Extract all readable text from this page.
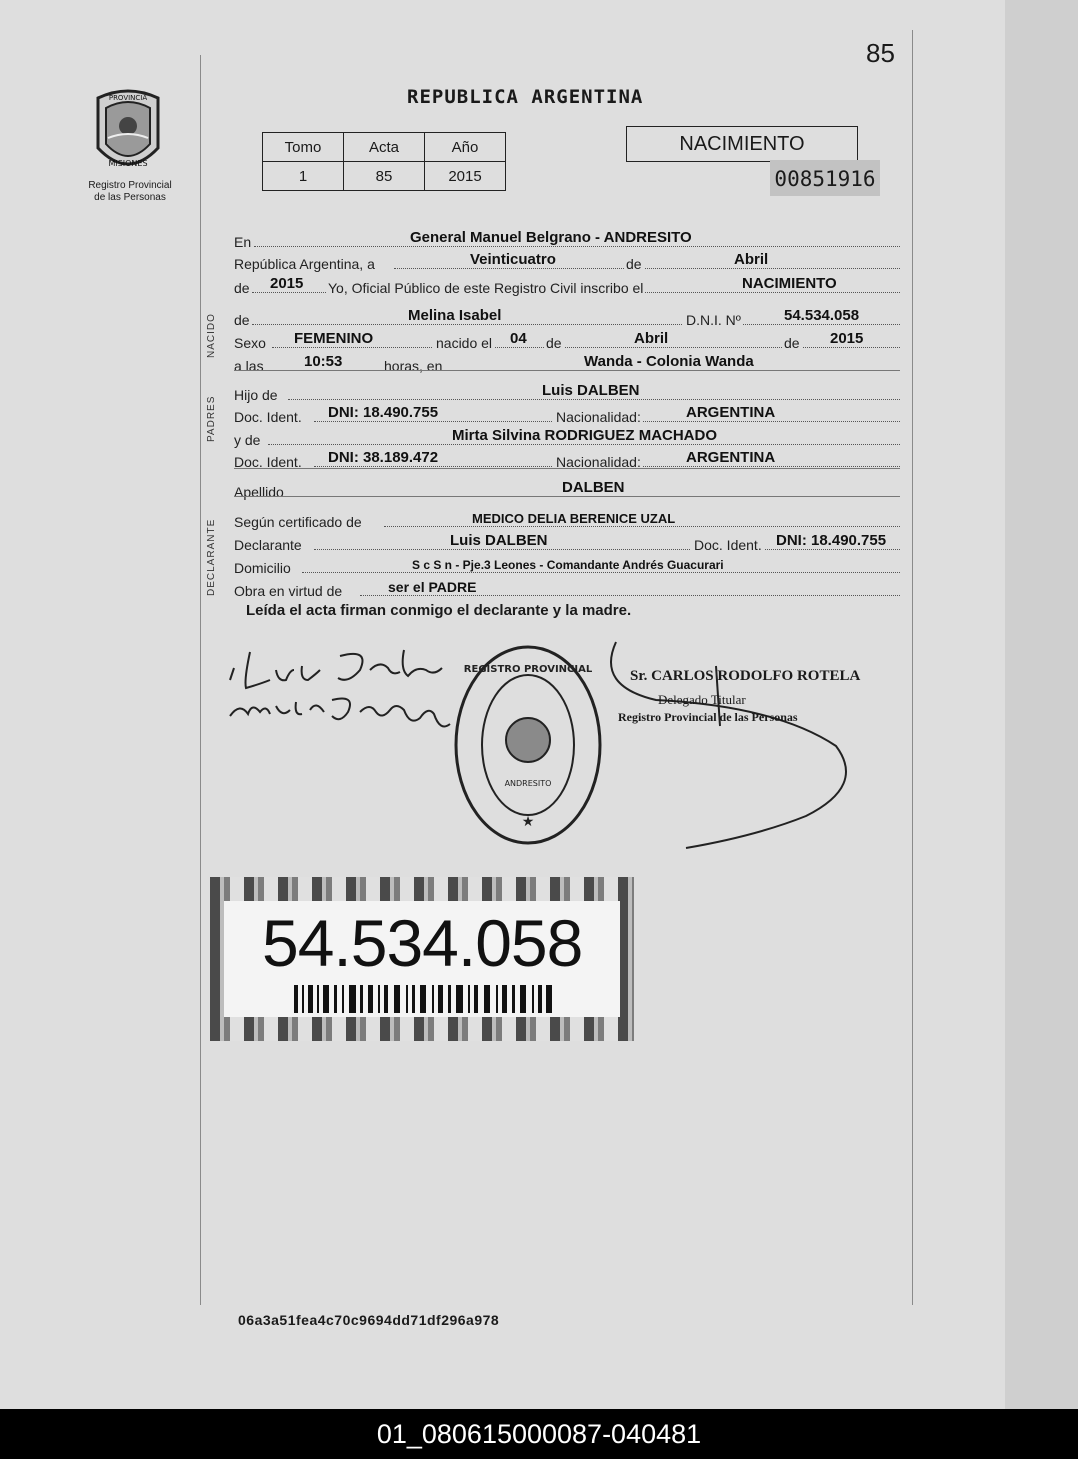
85
PROVINCIA
MISIONES
Registro Provincial
de las Personas
REPUBLICA ARGENTINA
Tomo	Acta	Año
1	85	2015
NACIMIENTO
00851916
En	General Manuel Belgrano - ANDRESITO
República Argentina, a	Veinticuatro	de	Abril
de 2015 Yo, Oficial Público de este Registro Civil inscribo el	NACIMIENTO
NACIDO de	Melina Isabel	D.N.I. Nº	54.534.058
Sexo FEMENINO	nacido el 04 de	Abril	de 2015
a las	10:53	horas, en	Wanda - Colonia Wanda
PADRES
Hijo de	Luis DALBEN
Doc. Ident. DNI: 18.490.755	Nacionalidad:	ARGENTINA
y de	Mirta Silvina RODRIGUEZ MACHADO
Doc. Ident. DNI: 38.189.472	Nacionalidad:	ARGENTINA
Apellido	DALBEN
DECLARANTE Según certificado de	MEDICO DELIA BERENICE UZAL
Declarante	Luis DALBEN	Doc. Ident. DNI: 18.490.755
Domicilio	S c S n - Pje.3 Leones - Comandante Andrés Guacurari
Obra en virtud de	ser el PADRE
Leída el acta firman conmigo el declarante y la madre.
★
REGISTRO PROVINCIAL
ANDRESITO
Sr. CARLOS RODOLFO ROTELA
Delegado Titular
Registro Provincial de las Personas
54.534.058
06a3a51fea4c70c9694dd71df296a978
01_080615000087-040481
